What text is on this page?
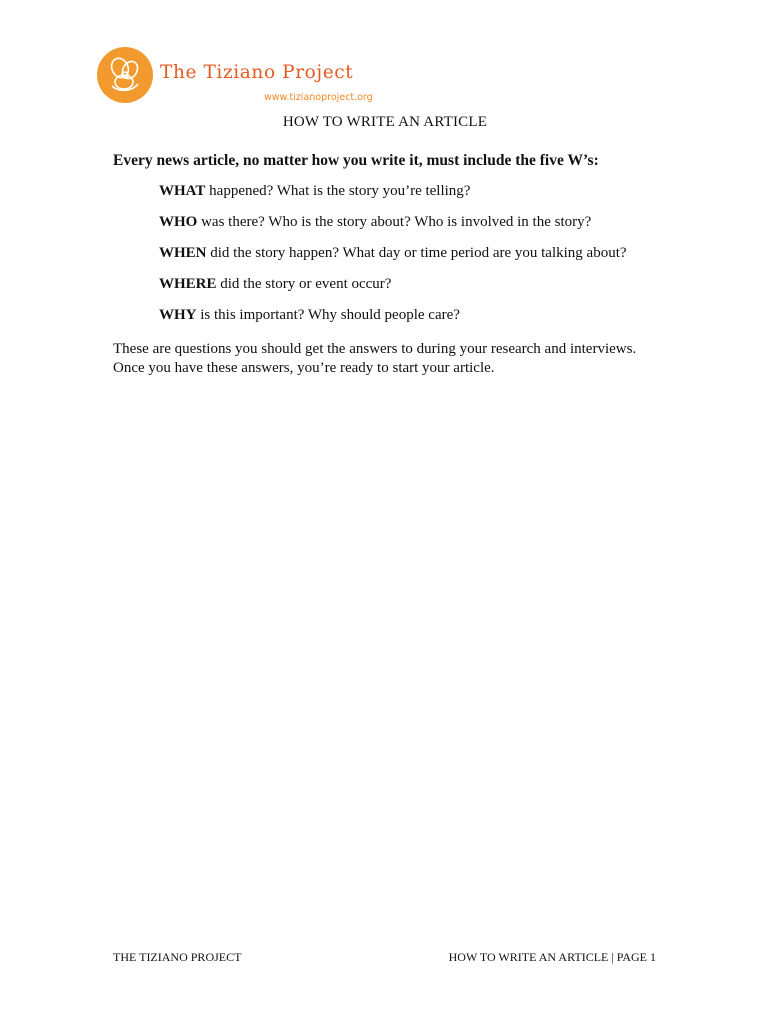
The Tiziano Project
www.tizianoproject.org
HOW TO WRITE AN ARTICLE
Every news article, no matter how you write it, must include the five W’s:
WHAT happened? What is the story you’re telling?
WHO was there? Who is the story about? Who is involved in the story?
WHEN did the story happen? What day or time period are you talking about?
WHERE did the story or event occur?
WHY is this important? Why should people care?
These are questions you should get the answers to during your research and interviews. Once you have these answers, you’re ready to start your article.
THE TIZIANO PROJECT	HOW TO WRITE AN ARTICLE | PAGE 1
